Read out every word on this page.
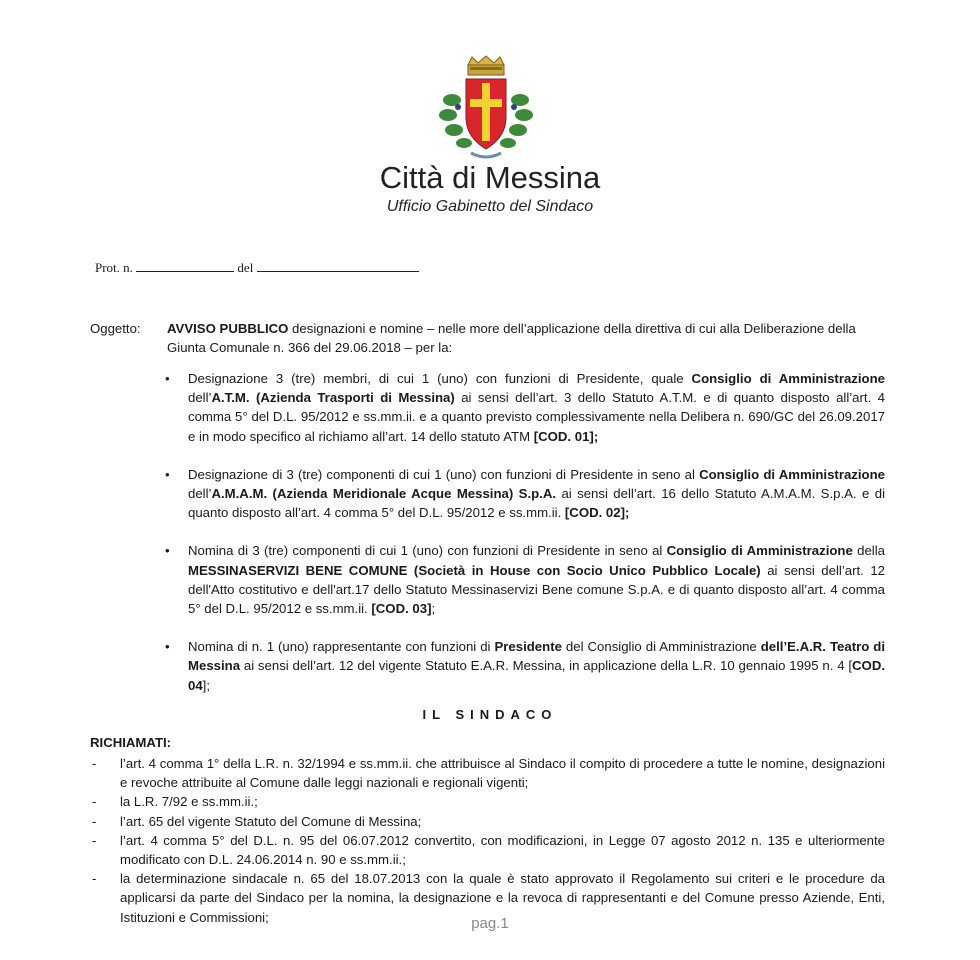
Città di Messina
Ufficio Gabinetto del Sindaco
Prot. n.	del
Oggetto: AVVISO PUBBLICO designazioni e nomine – nelle more dell’applicazione della direttiva di cui alla Deliberazione della Giunta Comunale n. 366 del 29.06.2018 – per la:
• Designazione 3 (tre) membri, di cui 1 (uno) con funzioni di Presidente, quale Consiglio di Amministrazione dell’A.T.M. (Azienda Trasporti di Messina) ai sensi dell’art. 3 dello Statuto A.T.M. e di quanto disposto all’art. 4 comma 5° del D.L. 95/2012 e ss.mm.ii. e a quanto previsto complessivamente nella Delibera n. 690/GC del 26.09.2017 e in modo specifico al richiamo all’art. 14 dello statuto ATM [COD. 01];
• Designazione di 3 (tre) componenti di cui 1 (uno) con funzioni di Presidente in seno al Consiglio di Amministrazione dell’A.M.A.M. (Azienda Meridionale Acque Messina) S.p.A. ai sensi dell’art. 16 dello Statuto A.M.A.M. S.p.A. e di quanto disposto all’art. 4 comma 5° del D.L. 95/2012 e ss.mm.ii. [COD. 02];
• Nomina di 3 (tre) componenti di cui 1 (uno) con funzioni di Presidente in seno al Consiglio di Amministrazione della MESSINASERVIZI BENE COMUNE (Società in House con Socio Unico Pubblico Locale) ai sensi dell’art. 12 dell'Atto costitutivo e dell'art.17 dello Statuto Messinaservizi Bene comune S.p.A. e di quanto disposto all’art. 4 comma 5° del D.L. 95/2012 e ss.mm.ii. [COD. 03];
• Nomina di n. 1 (uno) rappresentante con funzioni di Presidente del Consiglio di Amministrazione dell’E.A.R. Teatro di Messina ai sensi dell’art. 12 del vigente Statuto E.A.R. Messina, in applicazione della L.R. 10 gennaio 1995 n. 4 [COD. 04];
IL SINDACO
RICHIAMATI:
- l’art. 4 comma 1° della L.R. n. 32/1994 e ss.mm.ii. che attribuisce al Sindaco il compito di procedere a tutte le nomine, designazioni e revoche attribuite al Comune dalle leggi nazionali e regionali vigenti;
- la L.R. 7/92 e ss.mm.ii.;
- l’art. 65 del vigente Statuto del Comune di Messina;
- l’art. 4 comma 5° del D.L. n. 95 del 06.07.2012 convertito, con modificazioni, in Legge 07 agosto 2012 n. 135 e ulteriormente modificato con D.L. 24.06.2014 n. 90 e ss.mm.ii.;
- la determinazione sindacale n. 65 del 18.07.2013 con la quale è stato approvato il Regolamento sui criteri e le procedure da applicarsi da parte del Sindaco per la nomina, la designazione e la revoca di rappresentanti e del Comune presso Aziende, Enti, Istituzioni e Commissioni;	pag.1
